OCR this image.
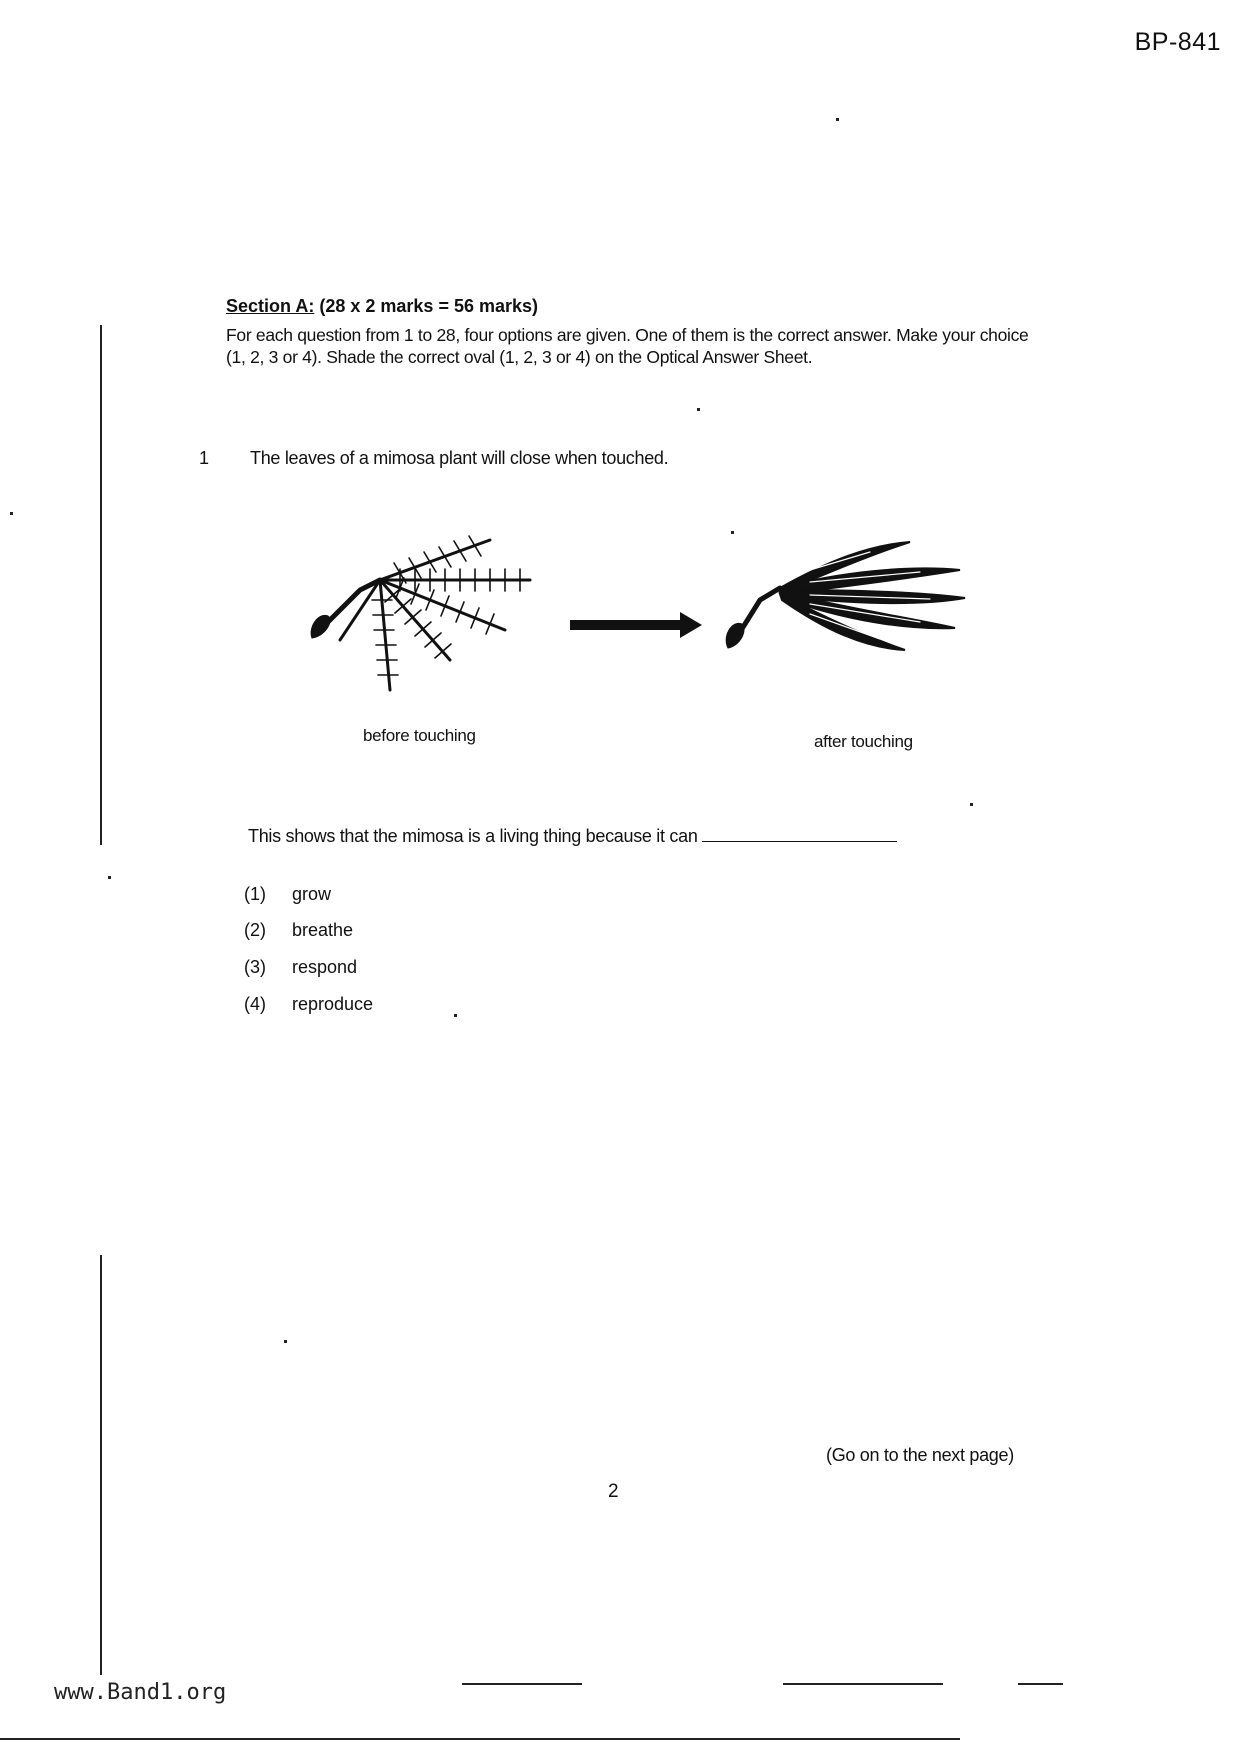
BP-841
Section A: (28 x 2 marks = 56 marks)
For each question from 1 to 28, four options are given. One of them is the correct answer. Make your choice (1, 2, 3 or 4). Shade the correct oval (1, 2, 3 or 4) on the Optical Answer Sheet.
1 The leaves of a mimosa plant will close when touched.
before touching	after touching
This shows that the mimosa is a living thing because it can
(1) grow
(2) breathe
(3) respond
(4) reproduce
(Go on to the next page)
2
www.Band1.org
